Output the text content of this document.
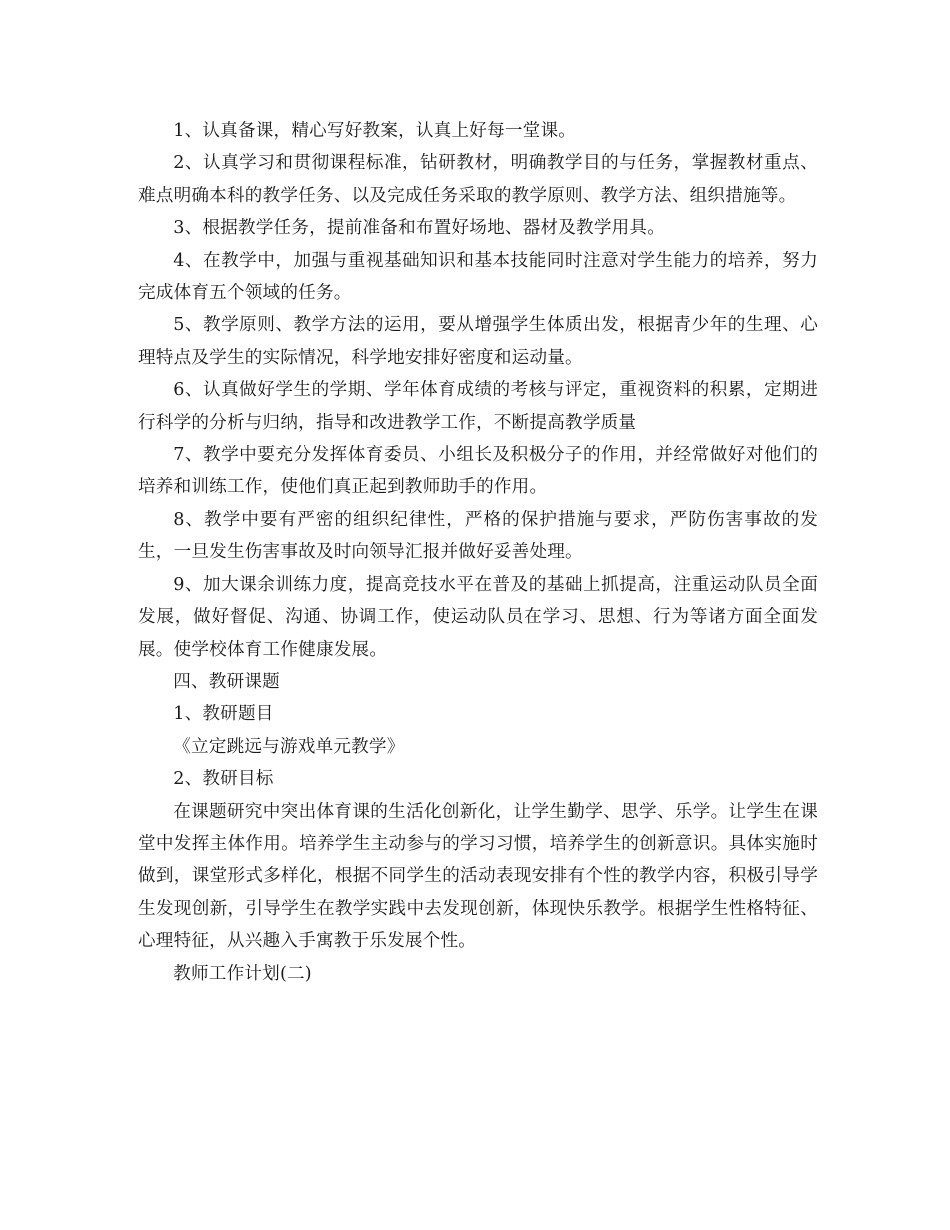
1、认真备课，精心写好教案，认真上好每一堂课。

2、认真学习和贯彻课程标准，钻研教材，明确教学目的与任务，掌握教材重点、难点明确本科的教学任务、以及完成任务采取的教学原则、教学方法、组织措施等。

3、根据教学任务，提前准备和布置好场地、器材及教学用具。

4、在教学中，加强与重视基础知识和基本技能同时注意对学生能力的培养，努力完成体育五个领域的任务。

5、教学原则、教学方法的运用，要从增强学生体质出发，根据青少年的生理、心理特点及学生的实际情况，科学地安排好密度和运动量。

6、认真做好学生的学期、学年体育成绩的考核与评定，重视资料的积累，定期进行科学的分析与归纳，指导和改进教学工作，不断提高教学质量

7、教学中要充分发挥体育委员、小组长及积极分子的作用，并经常做好对他们的培养和训练工作，使他们真正起到教师助手的作用。

8、教学中要有严密的组织纪律性，严格的保护措施与要求，严防伤害事故的发生，一旦发生伤害事故及时向领导汇报并做好妥善处理。

9、加大课余训练力度，提高竞技水平在普及的基础上抓提高，注重运动队员全面发展，做好督促、沟通、协调工作，使运动队员在学习、思想、行为等诸方面全面发展。使学校体育工作健康发展。

四、教研课题

1、教研题目

《立定跳远与游戏单元教学》

2、教研目标

在课题研究中突出体育课的生活化创新化，让学生勤学、思学、乐学。让学生在课堂中发挥主体作用。培养学生主动参与的学习习惯，培养学生的创新意识。具体实施时做到，课堂形式多样化，根据不同学生的活动表现安排有个性的教学内容，积极引导学生发现创新，引导学生在教学实践中去发现创新，体现快乐教学。根据学生性格特征、心理特征，从兴趣入手寓教于乐发展个性。

教师工作计划(二)
